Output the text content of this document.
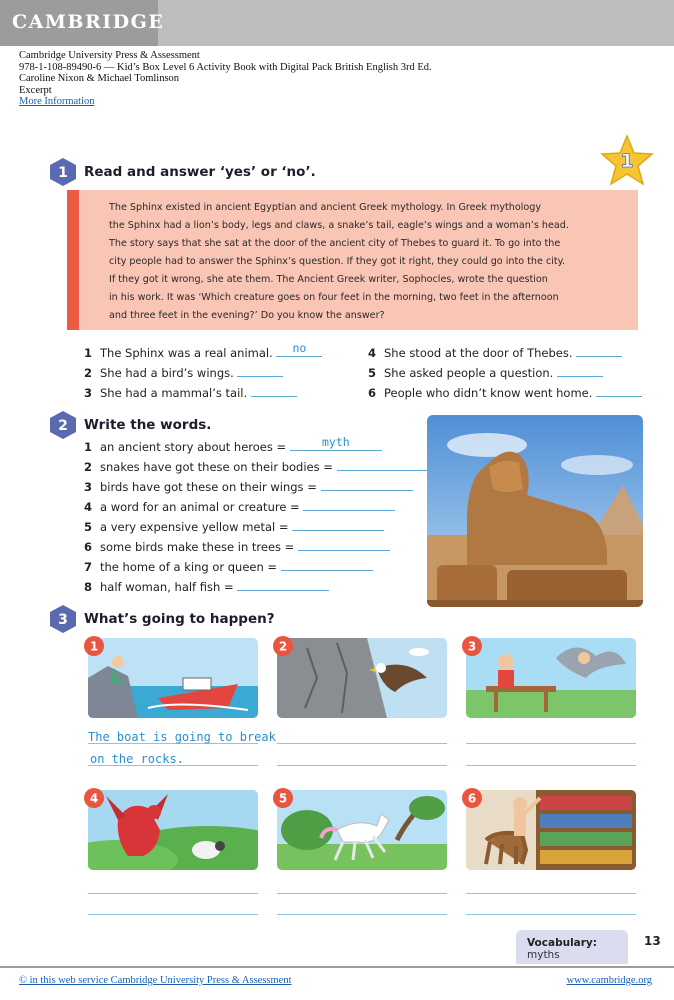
CAMBRIDGE
Cambridge University Press & Assessment
978-1-108-89490-6 — Kid’s Box Level 6 Activity Book with Digital Pack British English 3rd Ed.
Caroline Nixon & Michael Tomlinson
Excerpt
More Information
1
1 Read and answer ‘yes’ or ‘no’.
The Sphinx existed in ancient Egyptian and ancient Greek mythology. In Greek mythology
the Sphinx had a lion’s body, legs and claws, a snake’s tail, eagle’s wings and a woman’s head.
The story says that she sat at the door of the ancient city of Thebes to guard it. To go into the
city people had to answer the Sphinx’s question. If they got it right, they could go into the city.
If they got it wrong, she ate them. The Ancient Greek writer, Sophocles, wrote the question
in his work. It was ‘Which creature goes on four feet in the morning, two feet in the afternoon
and three feet in the evening?’ Do you know the answer?
1 The Sphinx was a real animal.	no
2 She had a bird’s wings.
3 She had a mammal’s tail.
4 She stood at the door of Thebes.
5 She asked people a question.
6 People who didn’t know went home.
2 Write the words.
1 an ancient story about heroes =	myth
2 snakes have got these on their bodies =
3 birds have got these on their wings =
4 a word for an animal or creature =
5 a very expensive yellow metal =
6 some birds make these in trees =
7 the home of a king or queen =
8 half woman, half fish =
3 What’s going to happen?
1	2	3
The boat is going to break
on the rocks.
4	5	6
Vocabulary: myths
13
© in this web service Cambridge University Press & Assessment	www.cambridge.org
